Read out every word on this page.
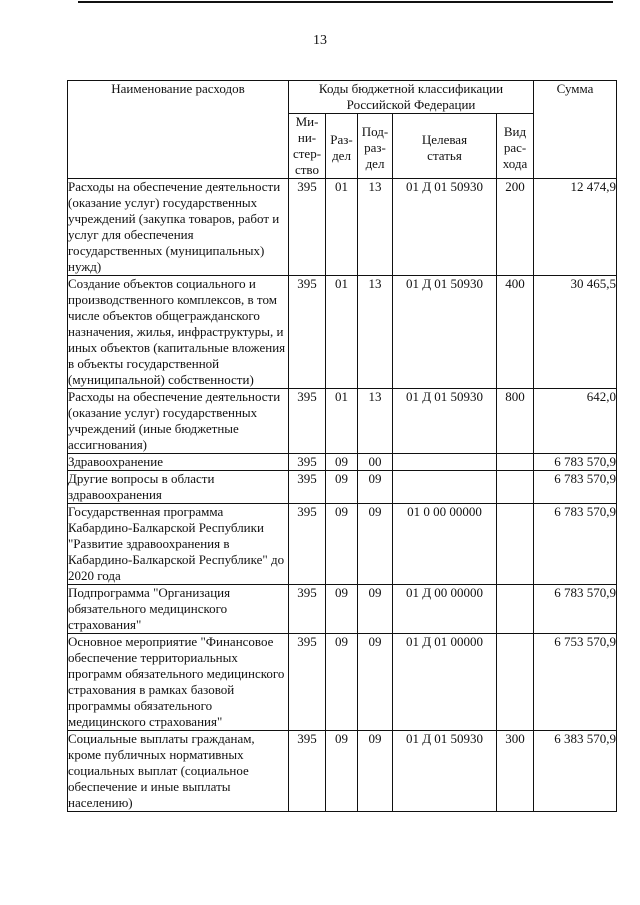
13
Наименование расходов	Коды бюджетной классификации Российской Федерации					Сумма

	Ми-
ни-
стер-
ство	Раз-
дел	Под-
раз-
дел	Целевая
статья	Вид
рас-
хода	

Расходы на обеспечение деятельности (оказание услуг) государственных учреждений (закупка товаров, работ и услуг для обеспечения государственных (муниципальных) нужд)	395	01	13	01 Д 01 50930	200	12 474,9
Создание объектов социального и производственного комплексов, в том числе объектов общегражданского назначения, жилья, инфраструктуры, и иных объектов (капитальные вложения в объекты государственной (муниципальной) собственности)	395	01	13	01 Д 01 50930	400	30 465,5
Расходы на обеспечение деятельности (оказание услуг) государственных учреждений (иные бюджетные ассигнования)	395	01	13	01 Д 01 50930	800	642,0
Здравоохранение	395	09	00			6 783 570,9
Другие вопросы в области здравоохранения	395	09	09			6 783 570,9
Государственная программа Кабардино-Балкарской Республики "Развитие здравоохранения в Кабардино-Балкарской Республике" до 2020 года	395	09	09	01 0 00 00000		6 783 570,9
Подпрограмма "Организация обязательного медицинского страхования"	395	09	09	01 Д 00 00000		6 783 570,9
Основное мероприятие "Финансовое обеспечение территориальных программ обязательного медицинского страхования в рамках базовой программы обязательного медицинского страхования"	395	09	09	01 Д 01 00000		6 753 570,9
Социальные выплаты гражданам, кроме публичных нормативных социальных выплат (социальное обеспечение и иные выплаты населению)	395	09	09	01 Д 01 50930	300	6 383 570,9
